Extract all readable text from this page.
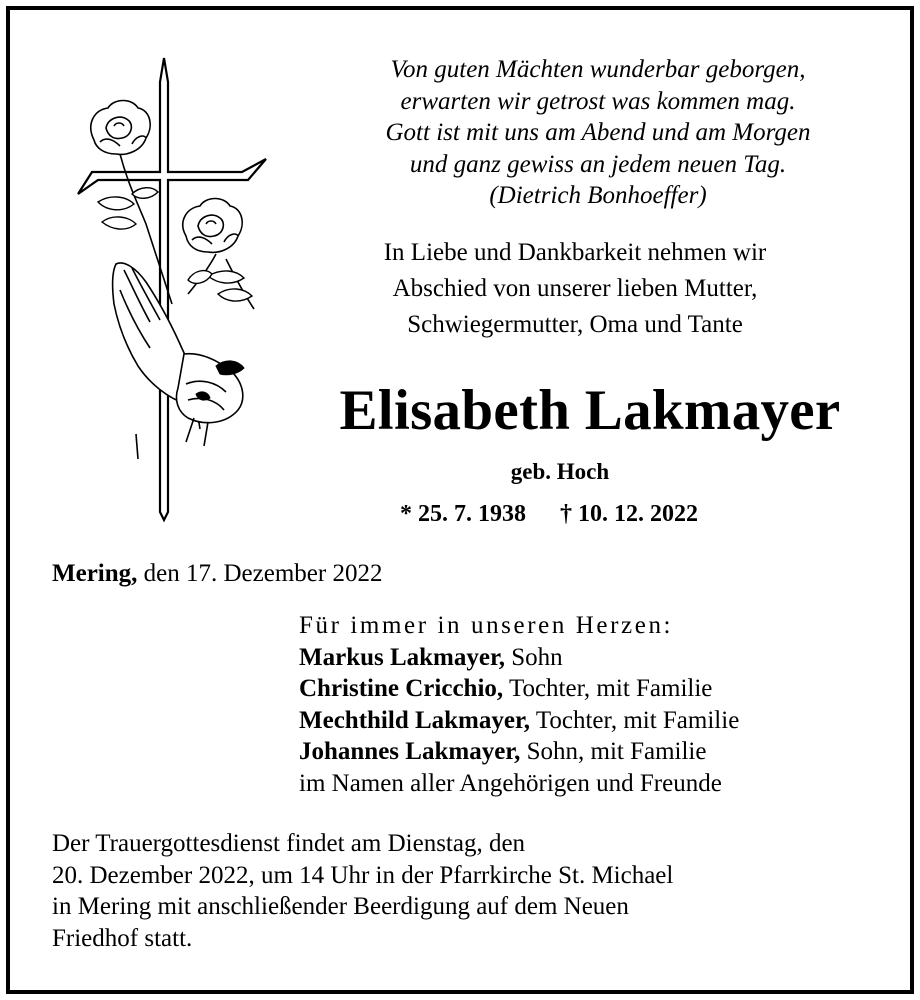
Von guten Mächten wunderbar geborgen,
erwarten wir getrost was kommen mag.
Gott ist mit uns am Abend und am Morgen
und ganz gewiss an jedem neuen Tag.
(Dietrich Bonhoeffer)
In Liebe und Dankbarkeit nehmen wir
Abschied von unserer lieben Mutter,
Schwiegermutter, Oma und Tante
Elisabeth Lakmayer
geb. Hoch
* 25. 7. 1938 † 10. 12. 2022
Mering, den 17. Dezember 2022
Für immer in unseren Herzen:
Markus Lakmayer, Sohn
Christine Cricchio, Tochter, mit Familie
Mechthild Lakmayer, Tochter, mit Familie
Johannes Lakmayer, Sohn, mit Familie
im Namen aller Angehörigen und Freunde
Der Trauergottesdienst findet am Dienstag, den
20. Dezember 2022, um 14 Uhr in der Pfarrkirche St. Michael
in Mering mit anschließender Beerdigung auf dem Neuen
Friedhof statt.
